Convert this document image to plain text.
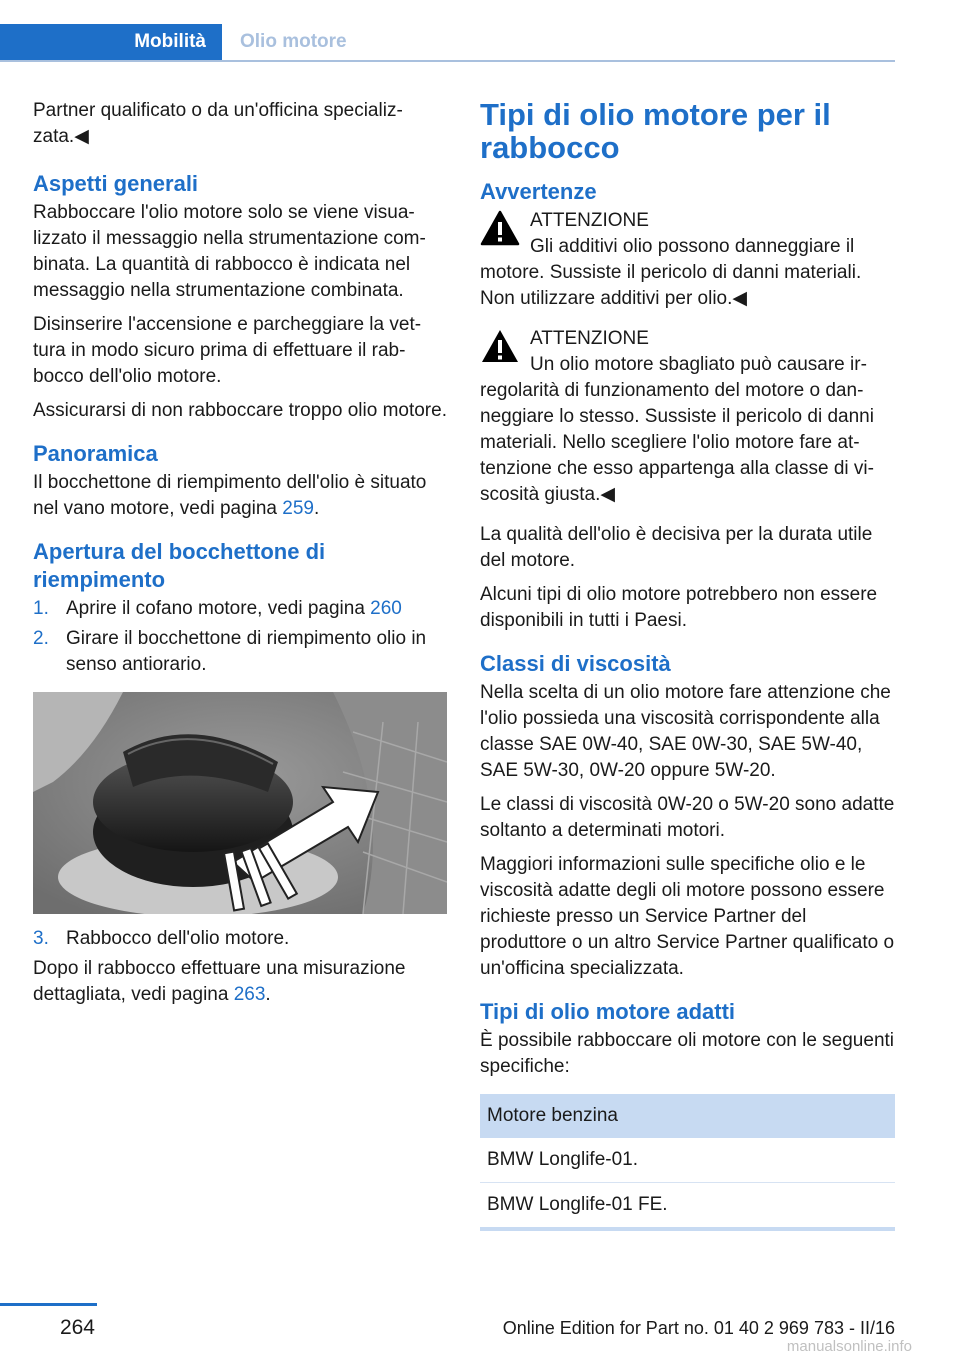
Mobilità	Olio motore

Partner qualificato o da un'officina specializzata.◀

Aspetti generali

Rabboccare l'olio motore solo se viene visualizzato il messaggio nella strumentazione combinata. La quantità di rabbocco è indicata nel messaggio nella strumentazione combinata.

Disinserire l'accensione e parcheggiare la vettura in modo sicuro prima di effettuare il rabbocco dell'olio motore.

Assicurarsi di non rabboccare troppo olio motore.

Panoramica

Il bocchettone di riempimento dell'olio è situato nel vano motore, vedi pagina 259.

Apertura del bocchettone di riempimento
1. Aprire il cofano motore, vedi pagina 260
2. Girare il bocchettone di riempimento olio in senso antiorario.
3. Rabbocco dell'olio motore.

Dopo il rabbocco effettuare una misurazione dettagliata, vedi pagina 263.

Tipi di olio motore per il rabbocco
Avvertenze
ATTENZIONE
Gli additivi olio possono danneggiare il motore. Sussiste il pericolo di danni materiali. Non utilizzare additivi per olio.◀
ATTENZIONE
Un olio motore sbagliato può causare irregolarità di funzionamento del motore o danneggiare lo stesso. Sussiste il pericolo di danni materiali. Nello scegliere l'olio motore fare attenzione che esso appartenga alla classe di viscosità giusta.◀

La qualità dell'olio è decisiva per la durata utile del motore.

Alcuni tipi di olio motore potrebbero non essere disponibili in tutti i Paesi.

Classi di viscosità

Nella scelta di un olio motore fare attenzione che l'olio possieda una viscosità corrispondente alla classe SAE 0W-40, SAE 0W-30, SAE 5W-40, SAE 5W-30, 0W-20 oppure 5W-20.

Le classi di viscosità 0W-20 o 5W-20 sono adatte soltanto a determinati motori.

Maggiori informazioni sulle specifiche olio e le viscosità adatte degli oli motore possono essere richieste presso un Service Partner del produttore o un altro Service Partner qualificato o un'officina specializzata.

Tipi di olio motore adatti

È possibile rabboccare oli motore con le seguenti specifiche:

Motore benzina
BMW Longlife-01.
BMW Longlife-01 FE.
264	Online Edition for Part no. 01 40 2 969 783 - II/16
manualsonline.info
